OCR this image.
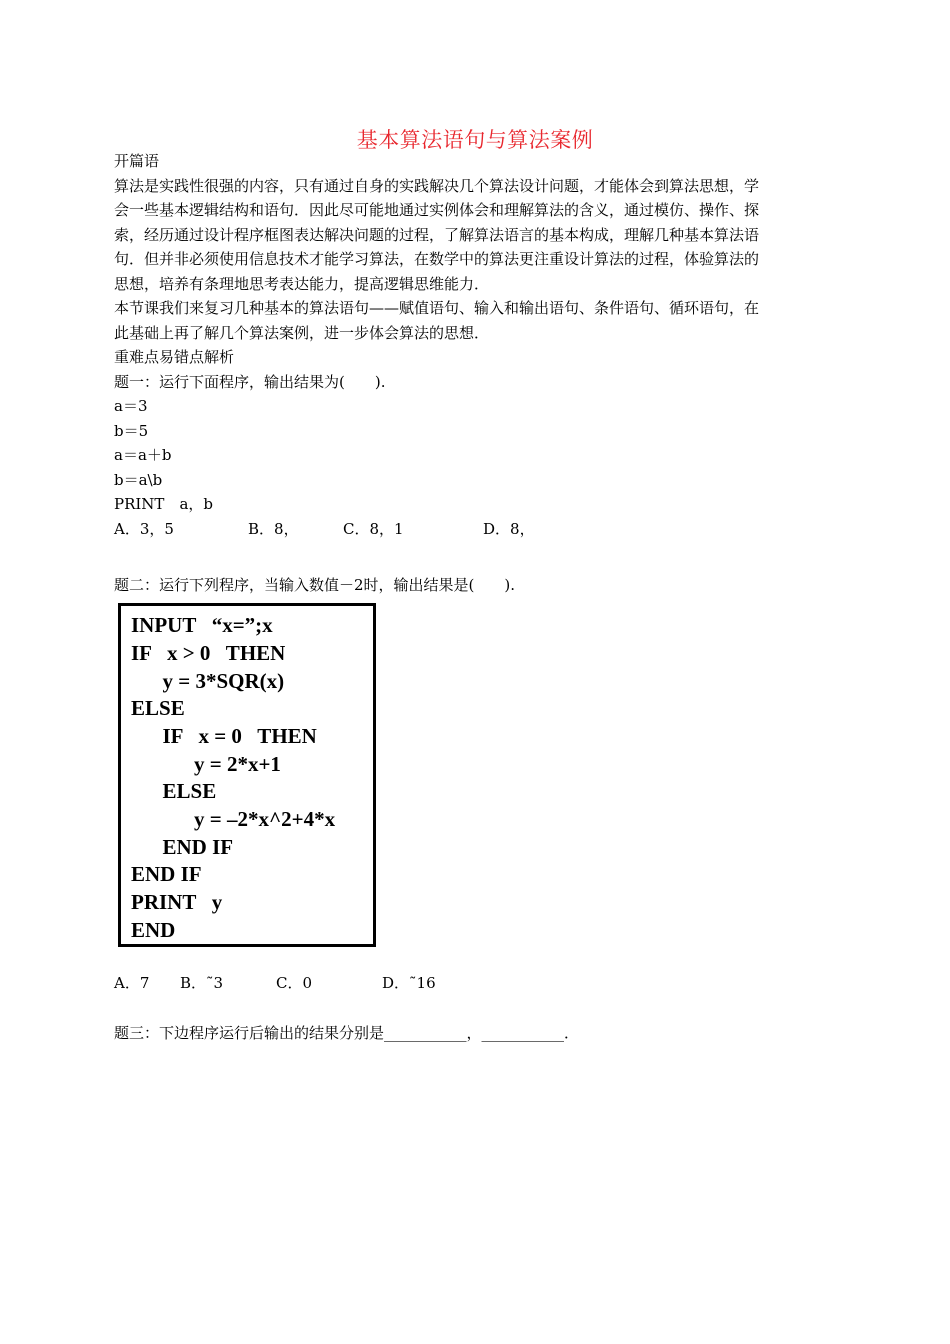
基本算法语句与算法案例
开篇语
算法是实践性很强的内容，只有通过自身的实践解决几个算法设计问题，才能体会到算法思想，学
会一些基本逻辑结构和语句．因此尽可能地通过实例体会和理解算法的含义，通过模仿、操作、探
索，经历通过设计程序框图表达解决问题的过程，了解算法语言的基本构成，理解几种基本算法语
句．但并非必须使用信息技术才能学习算法，在数学中的算法更注重设计算法的过程，体验算法的
思想，培养有条理地思考表达能力，提高逻辑思维能力．
本节课我们来复习几种基本的算法语句——赋值语句、输入和输出语句、条件语句、循环语句，在
此基础上再了解几个算法案例，进一步体会算法的思想．
重难点易错点解析
题一：运行下面程序，输出结果为(　　).
a＝3
b＝5
a＝a＋b
b＝a\b
PRINT　a，b
A．3，5	B．8，	C．8，1	D．8，
题二：运行下列程序，当输入数值－2时，输出结果是(　　).
INPUT   “x=”;x
IF   x > 0   THEN
y = 3*SQR(x)
ELSE
IF   x = 0   THEN
y = 2*x+1
ELSE
y = –2*x^2+4*x
END IF
END IF
PRINT   y
END
A．7	B．˜3	C．0	D．˜16
题三：下边程序运行后输出的结果分别是___________，___________．
